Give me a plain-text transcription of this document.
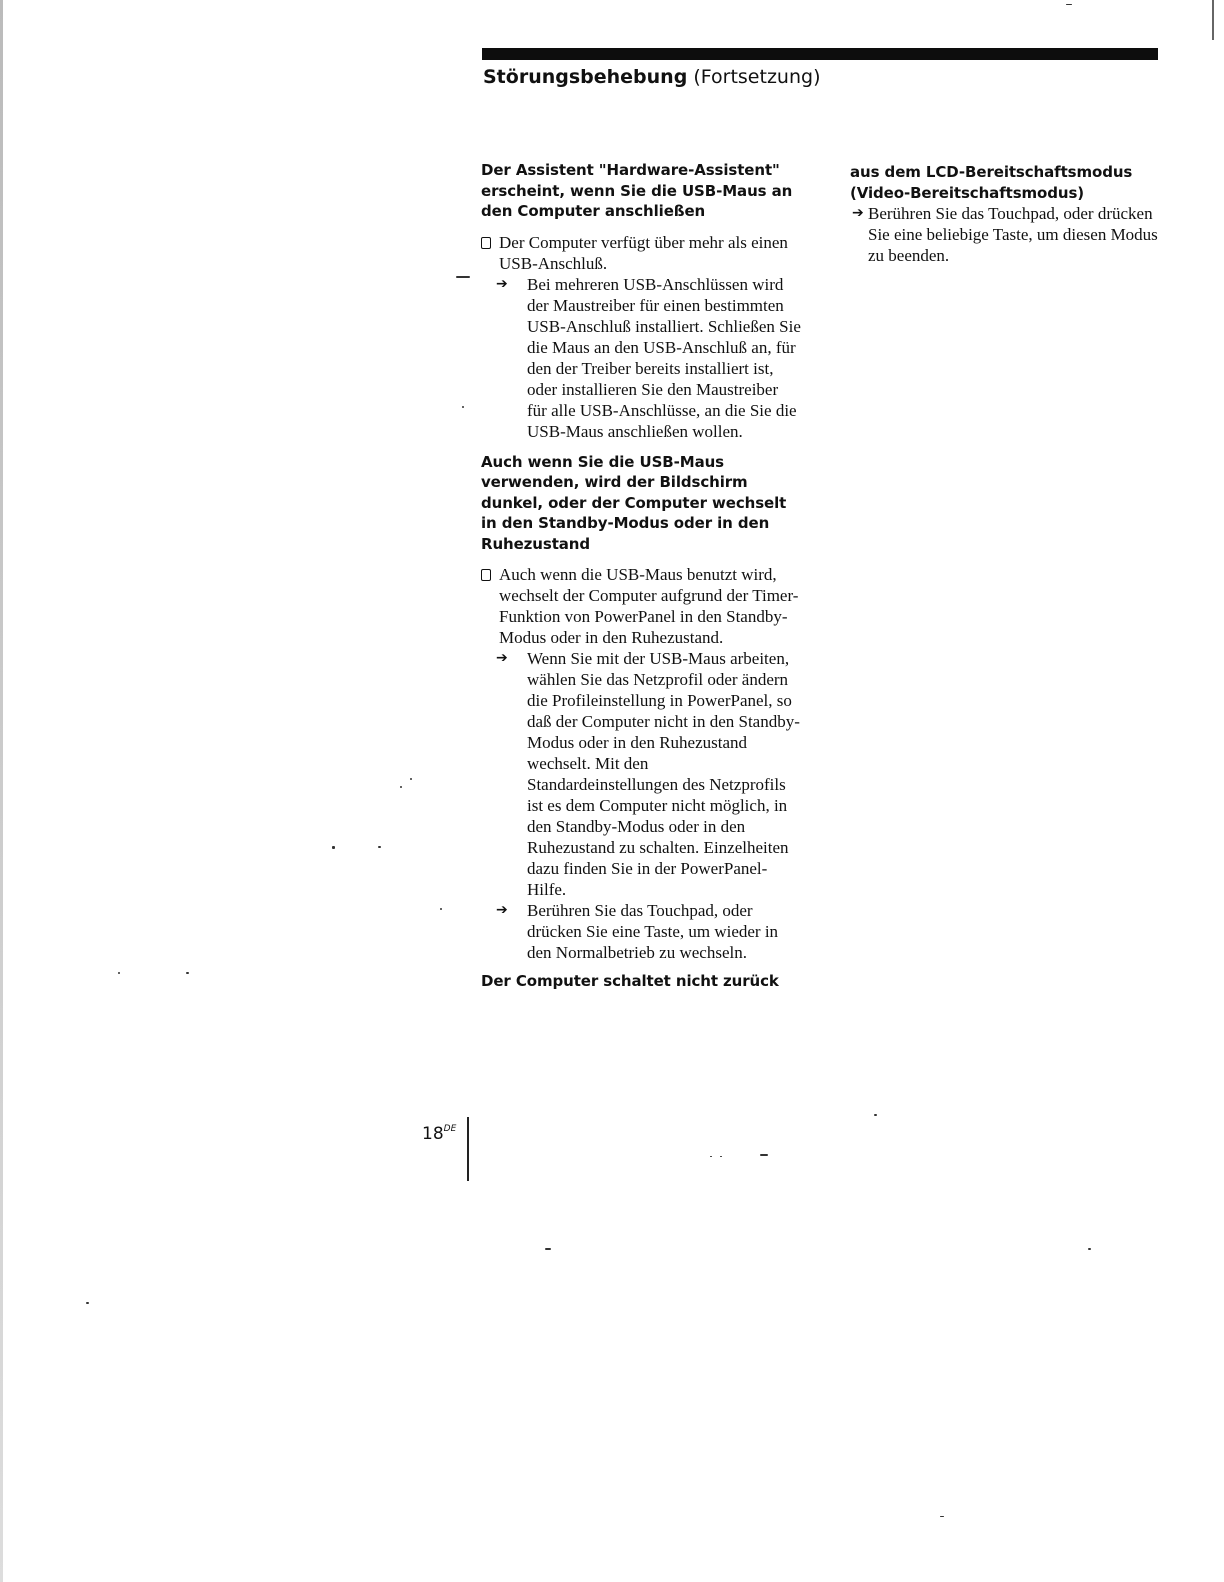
Störungsbehebung (Fortsetzung)
Der Assistent "Hardware-Assistent" erscheint, wenn Sie die USB-Maus an den Computer anschließen
Der Computer verfügt über mehr als einen USB-Anschluß.
➔ Bei mehreren USB-Anschlüssen wird der Maustreiber für einen bestimmten USB-Anschluß installiert. Schließen Sie die Maus an den USB-Anschluß an, für den der Treiber bereits installiert ist, oder installieren Sie den Maustreiber für alle USB-Anschlüsse, an die Sie die USB-Maus anschließen wollen.
Auch wenn Sie die USB-Maus verwenden, wird der Bildschirm dunkel, oder der Computer wechselt in den Standby-Modus oder in den Ruhezustand
Auch wenn die USB-Maus benutzt wird, wechselt der Computer aufgrund der Timer-Funktion von PowerPanel in den Standby-Modus oder in den Ruhezustand.
➔ Wenn Sie mit der USB-Maus arbeiten, wählen Sie das Netzprofil oder ändern die Profileinstellung in PowerPanel, so daß der Computer nicht in den Standby-Modus oder in den Ruhezustand wechselt. Mit den Standardeinstellungen des Netzprofils ist es dem Computer nicht möglich, in den Standby-Modus oder in den Ruhezustand zu schalten. Einzelheiten dazu finden Sie in der PowerPanel-Hilfe.
➔ Berühren Sie das Touchpad, oder drücken Sie eine Taste, um wieder in den Normalbetrieb zu wechseln.
Der Computer schaltet nicht zurück
aus dem LCD-Bereitschaftsmodus (Video-Bereitschaftsmodus)
➔ Berühren Sie das Touchpad, oder drücken Sie eine beliebige Taste, um diesen Modus zu beenden.
18DE
